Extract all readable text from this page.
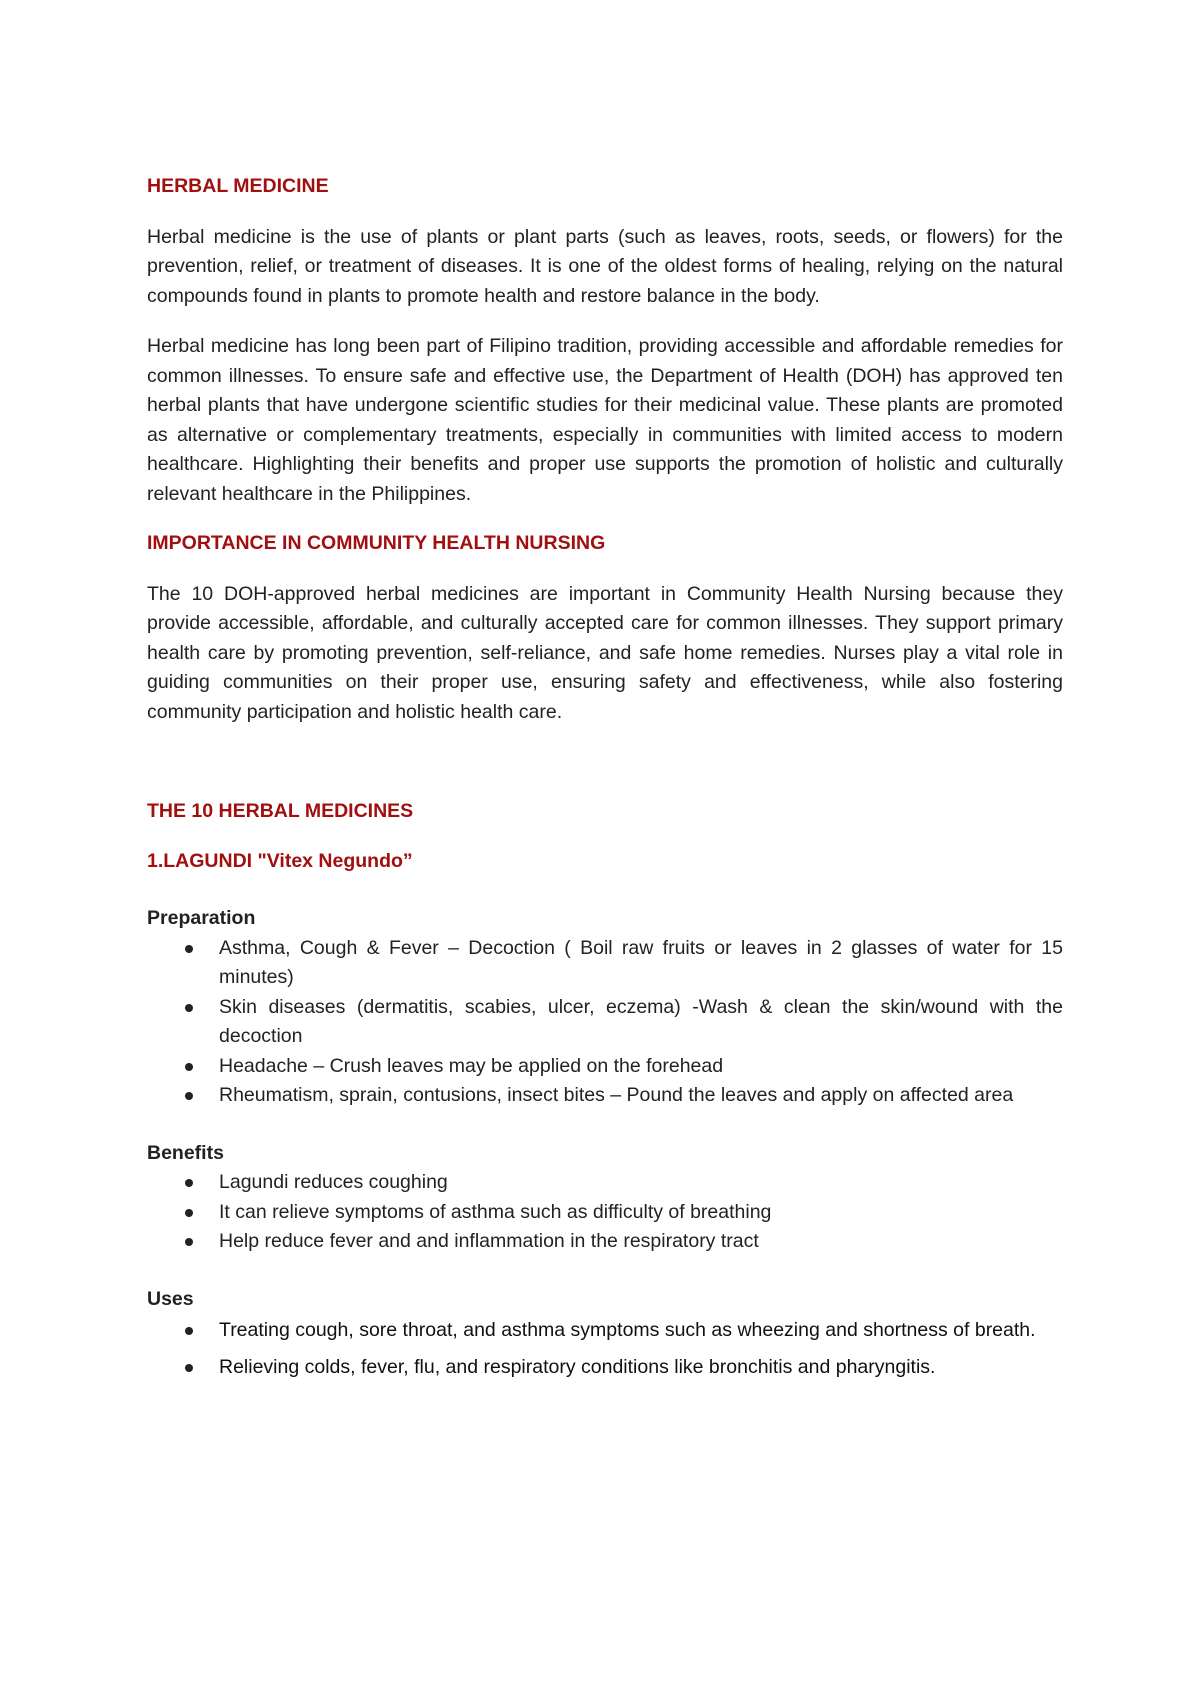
HERBAL MEDICINE

Herbal medicine is the use of plants or plant parts (such as leaves, roots, seeds, or flowers) for the prevention, relief, or treatment of diseases. It is one of the oldest forms of healing, relying on the natural compounds found in plants to promote health and restore balance in the body.

Herbal medicine has long been part of Filipino tradition, providing accessible and affordable remedies for common illnesses. To ensure safe and effective use, the Department of Health (DOH) has approved ten herbal plants that have undergone scientific studies for their medicinal value. These plants are promoted as alternative or complementary treatments, especially in communities with limited access to modern healthcare. Highlighting their benefits and proper use supports the promotion of holistic and culturally relevant healthcare in the Philippines.

IMPORTANCE IN COMMUNITY HEALTH NURSING

The 10 DOH-approved herbal medicines are important in Community Health Nursing because they provide accessible, affordable, and culturally accepted care for common illnesses. They support primary health care by promoting prevention, self-reliance, and safe home remedies. Nurses play a vital role in guiding communities on their proper use, ensuring safety and effectiveness, while also fostering community participation and holistic health care.

THE 10 HERBAL MEDICINES
1.LAGUNDI "Vitex Negundo”
Preparation
Asthma, Cough & Fever – Decoction ( Boil raw fruits or leaves in 2 glasses of water for 15 minutes)
Skin diseases (dermatitis, scabies, ulcer, eczema) -Wash & clean the skin/wound with the decoction
Headache – Crush leaves may be applied on the forehead
Rheumatism, sprain, contusions, insect bites – Pound the leaves and apply on affected area
Benefits
Lagundi reduces coughing
It can relieve symptoms of asthma such as difficulty of breathing
Help reduce fever and and inflammation in the respiratory tract
Uses
Treating cough, sore throat, and asthma symptoms such as wheezing and shortness of breath.
Relieving colds, fever, flu, and respiratory conditions like bronchitis and pharyngitis.
